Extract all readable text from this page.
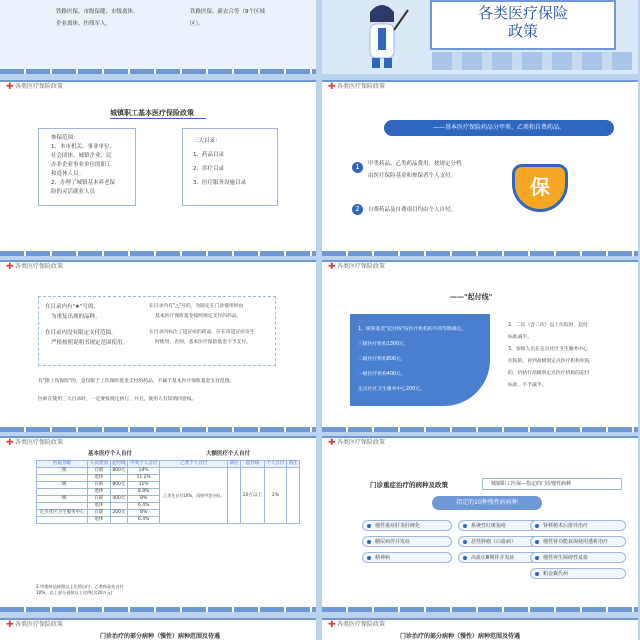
铁路医保、市级保健、市级离休、
企业离休、伤残军人。
铁路医保、新农合等（9个区域
区）。
各类医疗保险
政策
✚ 各类医疗保险政策
城镇职工基本医疗保险政策
参保范围：
1、本市机关、事业单位、
社会团体、城镇企业、民
办非企业事业单位的职工
和退休人员。
2、办理了城镇基本养老保
险的灵活就业人员
三大目录：
1、药品目录
2、诊疗目录
3、医疗服务设施目录
✚ 各类医疗保险政策
——基本医疗保险药品分甲类、乙类和自费药品。
1	甲类药品、乙类药品费用，按规定分档
由医疗保险基金和参保者个人支付。
2	自费药品及自费项目均由个人自付。
保
✚ 各类医疗保险政策
在目录内有"★"号的，
为重复出现的品种。
在目录内没有限定支付范围，
严格按照说明书规定范围使用。
在目录内有"△"号的，为限定在门诊使用时由
基本医疗保险基金按照规定支付的药品。
在目录内标注了适应症的药品，应在该适应症发生
时使用，否则，基本医疗保险基金不予支付。
有"限工伤保险"的，是仅限于工伤保险基金支付的药品，不属于基本医疗保险基金支付范围。
医师在使用三大目录时，一定要按规定执行，并且，使用人有知情同意权。
✚ 各类医疗保险政策
——"起付线"
1、统筹基金"起付线"按医疗机构的不同等级确定。
三级医疗机构1300元，
二级医疗机构800元，
一级医疗机构400元，
定点社区卫生服务中心200元。
2、二次（含二次）以上住院时，起付
标准减半。
3、参保人员在定点社区卫生服务中心
住院的，再到高级别定点医疗机构住院
的，仍执行高级别定点医疗机构的起付
标准，不予减半。
✚ 各类医疗保险政策
基本医疗个人自付	大额医疗个人自付
医院等级	人员类别	起付线	甲类个人自付	乙类个人自付	备注	起付线	个人自付	备注
三级	在职	800元	14%	乙类先自付10%，再按甲类分担。		20万以上	2%	
	退休		11.2%					
二级	在职	800元	11%					
	退休		8.8%					
一级	在职	400元	8%					
	退休		6.4%					
定点社区卫生服务中心	在职	200元	8%					
	退休		6.4%					
2.甲类药品按照以上比例自付：乙类药品先自付10%，以上部分再按以上比例(含20万元)
✚ 各类医疗保险政策
门诊重症治疗的病种及政策	城镇职工医保—指定的门诊慢性病种
指定的10种慢性病病种
慢性重症肝炎肝硬化	系统性红斑狼疮	肾移植术后排异治疗
糖尿病伴并发症	恶性肿瘤（白血病）	慢性肾功能衰竭使用透析治疗
精神病	高血压Ⅲ期伴并发症	慢性再生障碍性贫血
帕金森氏病
✚ 各类医疗保险政策
门诊治疗的部分病种（慢性）病种范围及待遇
✚ 各类医疗保险政策
门诊治疗的部分病种（慢性）病种范围及待遇
